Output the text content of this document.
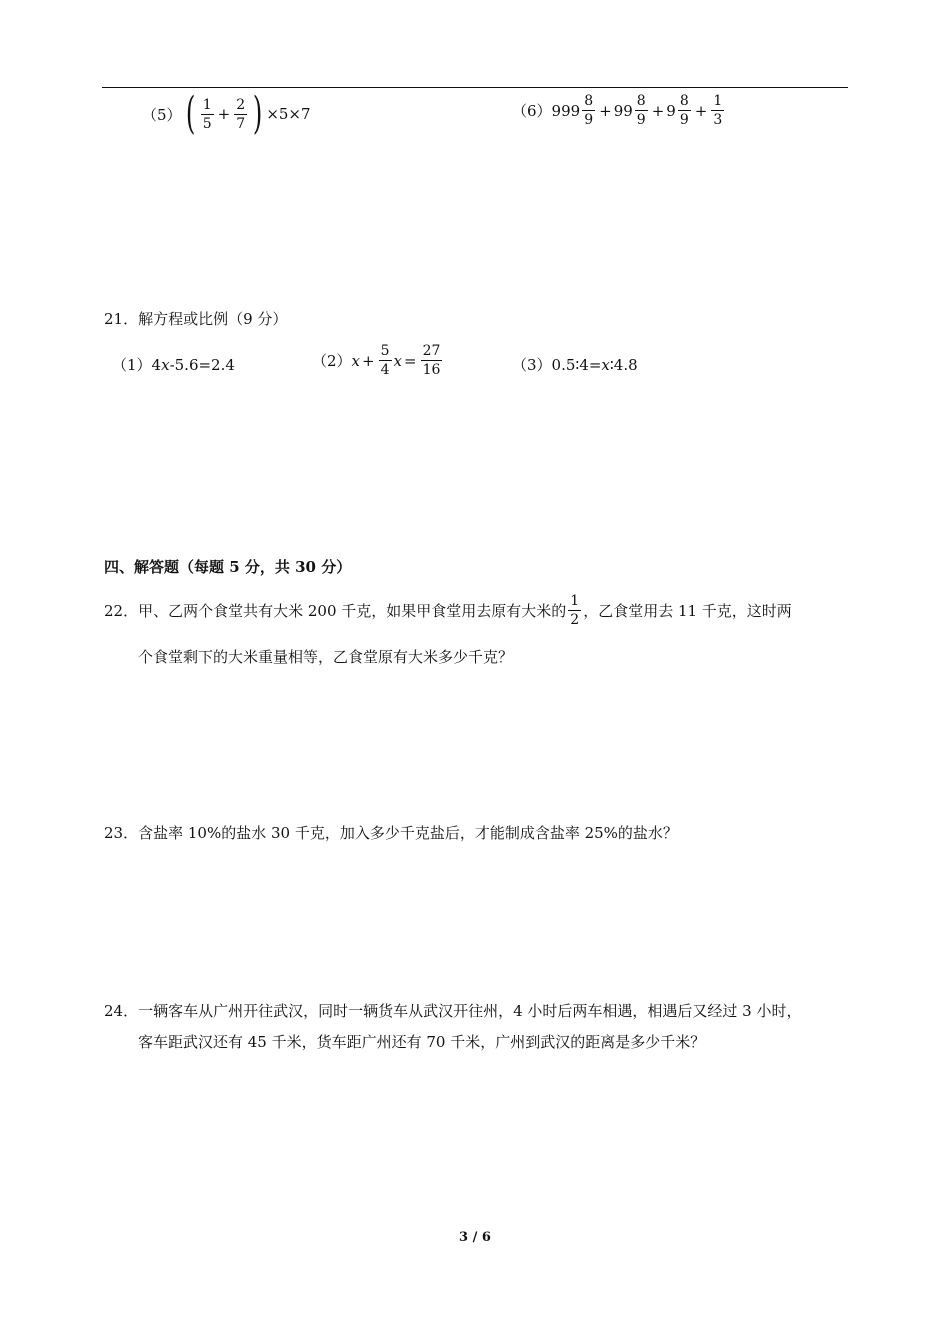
（5） ( $\frac{1}{5} + \frac{2}{7}$ ) ×5×7	（6） $999 \frac{8}{9} + 99 \frac{8}{9} + 9 \frac{8}{9} + \frac{1}{3}$
21．解方程或比例（9 分）
（1） 4 x -5.6=2.4	（2） $x + \frac{5}{4}$ $x = \frac{27}{16}$	（3） 0.5∶4= x ∶4.8
四、解答题（每题 5 分，共 30 分）
22．甲、乙两个食堂共有大米 200 千克，如果甲食堂用去原有大米的 $\frac{1}{2}$ ，乙食堂用去 11 千克，这时两
个食堂剩下的大米重量相等，乙食堂原有大米多少千克？
23．含盐率 10%的盐水 30 千克，加入多少千克盐后，才能制成含盐率 25%的盐水？
24．一辆客车从广州开往武汉，同时一辆货车从武汉开往州，4 小时后两车相遇，相遇后又经过 3 小时，
客车距武汉还有 45 千米，货车距广州还有 70 千米，广州到武汉的距离是多少千米？
3 / 6
